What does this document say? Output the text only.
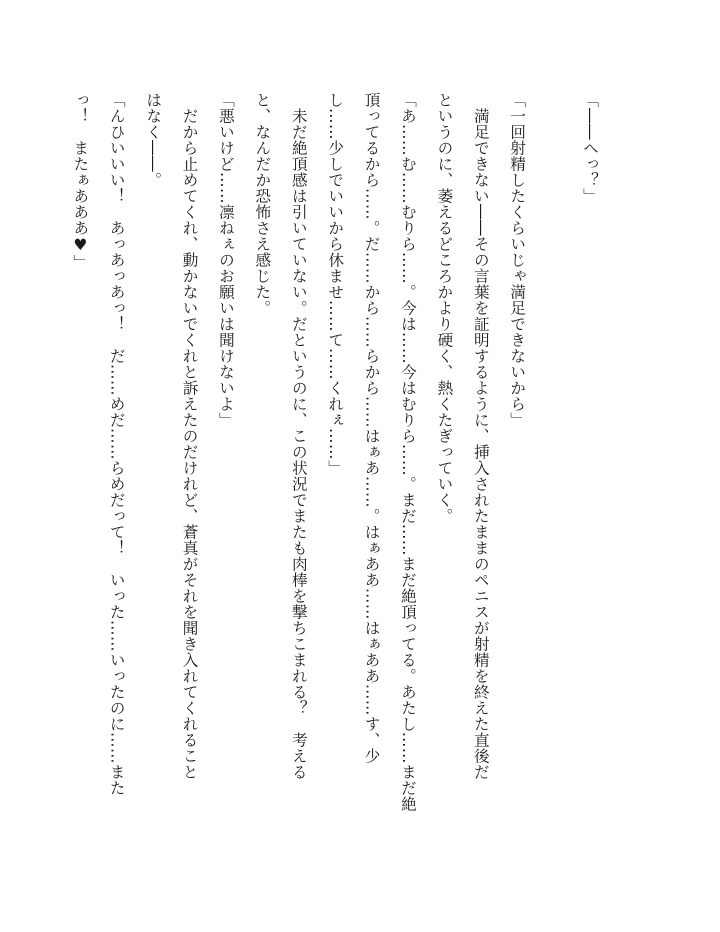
「――へっ？」
「一回射精したくらいじゃ満足できないから」
　満足できない――その言葉を証明するように、挿入されたままのペニスが射精を終えた直後だ
というのに、萎えるどころかより硬く、熱くたぎっていく。
「あ……む……むりら……。今は……今はむりら……。まだ……まだ絶頂ってる。あたし……まだ絶
頂ってるから……。だ……から……らから……はぁあ……。はぁああ……はぁああ……す、少
し……少しでいいから休ませ……て……くれぇ……」
　未だ絶頂感は引いていない。だというのに、この状況でまたも肉棒を撃ちこまれる？　考える
と、なんだか恐怖さえ感じた。
「悪いけど……凛ねぇのお願いは聞けないよ」
　だから止めてくれ、動かないでくれと訴えたのだけれど、蒼真がそれを聞き入れてくれること
はなく――。
「んひいいい！　あっあっあっ！　だ……めだ……らめだって！　いった……いったのに……また
っ！　またぁあああ♥」
